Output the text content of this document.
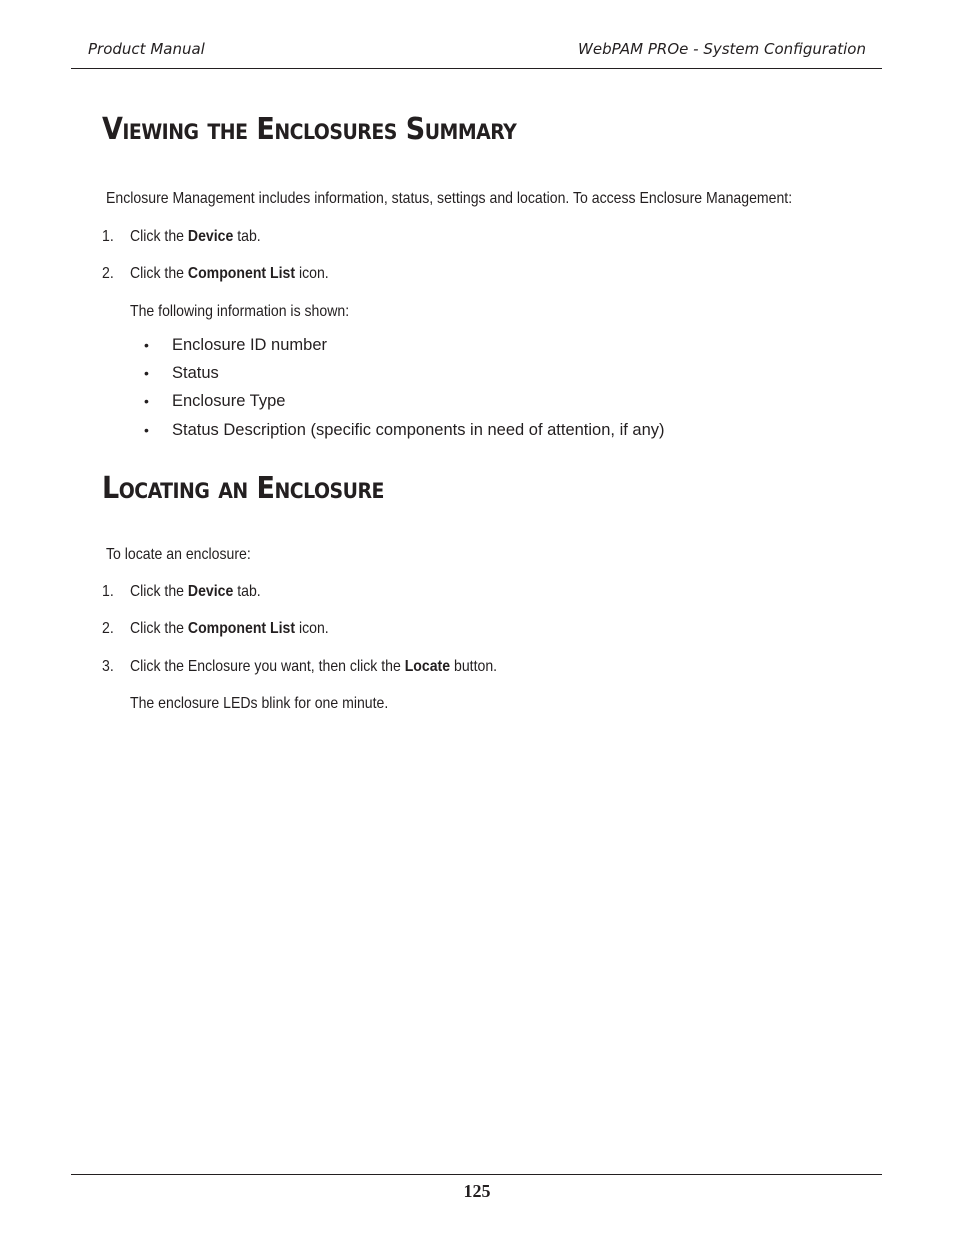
Product Manual	WebPAM PROe - System Configuration
Viewing the Enclosures Summary
Enclosure Management includes information, status, settings and location. To access Enclosure Management:
1. Click the Device tab.
2. Click the Component List icon.
The following information is shown:
• Enclosure ID number
• Status
• Enclosure Type
• Status Description (specific components in need of attention, if any)
Locating an Enclosure
To locate an enclosure:
1. Click the Device tab.
2. Click the Component List icon.
3. Click the Enclosure you want, then click the Locate button.
The enclosure LEDs blink for one minute.
125
